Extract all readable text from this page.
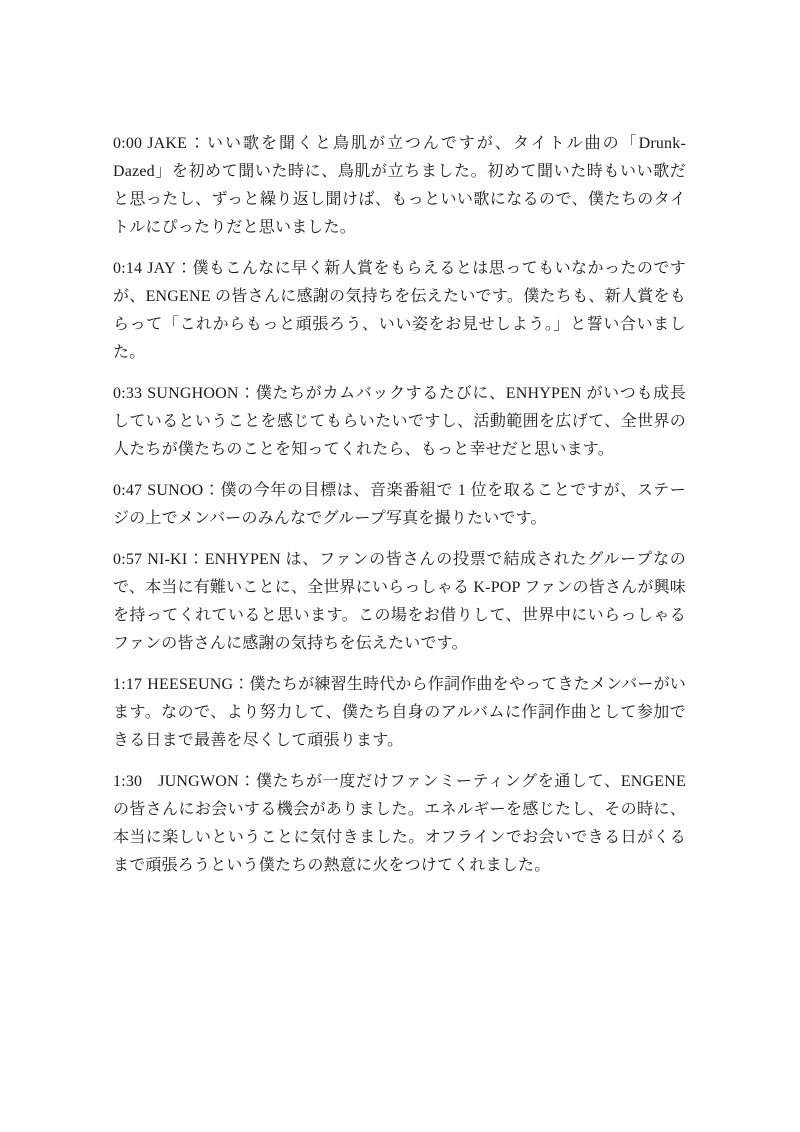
0:00 JAKE：いい歌を聞くと鳥肌が立つんですが、タイトル曲の「Drunk-Dazed」を初めて聞いた時に、鳥肌が立ちました。初めて聞いた時もいい歌だと思ったし、ずっと繰り返し聞けば、もっといい歌になるので、僕たちのタイトルにぴったりだと思いました。

0:14 JAY：僕もこんなに早く新人賞をもらえるとは思ってもいなかったのですが、ENGENE の皆さんに感謝の気持ちを伝えたいです。僕たちも、新人賞をもらって「これからもっと頑張ろう、いい姿をお見せしよう。」と誓い合いました。

0:33 SUNGHOON：僕たちがカムバックするたびに、ENHYPEN がいつも成長しているということを感じてもらいたいですし、活動範囲を広げて、全世界の人たちが僕たちのことを知ってくれたら、もっと幸せだと思います。

0:47 SUNOO：僕の今年の目標は、音楽番組で 1 位を取ることですが、ステージの上でメンバーのみんなでグループ写真を撮りたいです。

0:57 NI-KI：ENHYPEN は、ファンの皆さんの投票で結成されたグループなので、本当に有難いことに、全世界にいらっしゃる K-POP ファンの皆さんが興味を持ってくれていると思います。この場をお借りして、世界中にいらっしゃるファンの皆さんに感謝の気持ちを伝えたいです。

1:17 HEESEUNG：僕たちが練習生時代から作詞作曲をやってきたメンバーがいます。なので、より努力して、僕たち自身のアルバムに作詞作曲として参加できる日まで最善を尽くして頑張ります。

1:30 JUNGWON：僕たちが一度だけファンミーティングを通して、ENGENE の皆さんにお会いする機会がありました。エネルギーを感じたし、その時に、本当に楽しいということに気付きました。オフラインでお会いできる日がくるまで頑張ろうという僕たちの熱意に火をつけてくれました。
